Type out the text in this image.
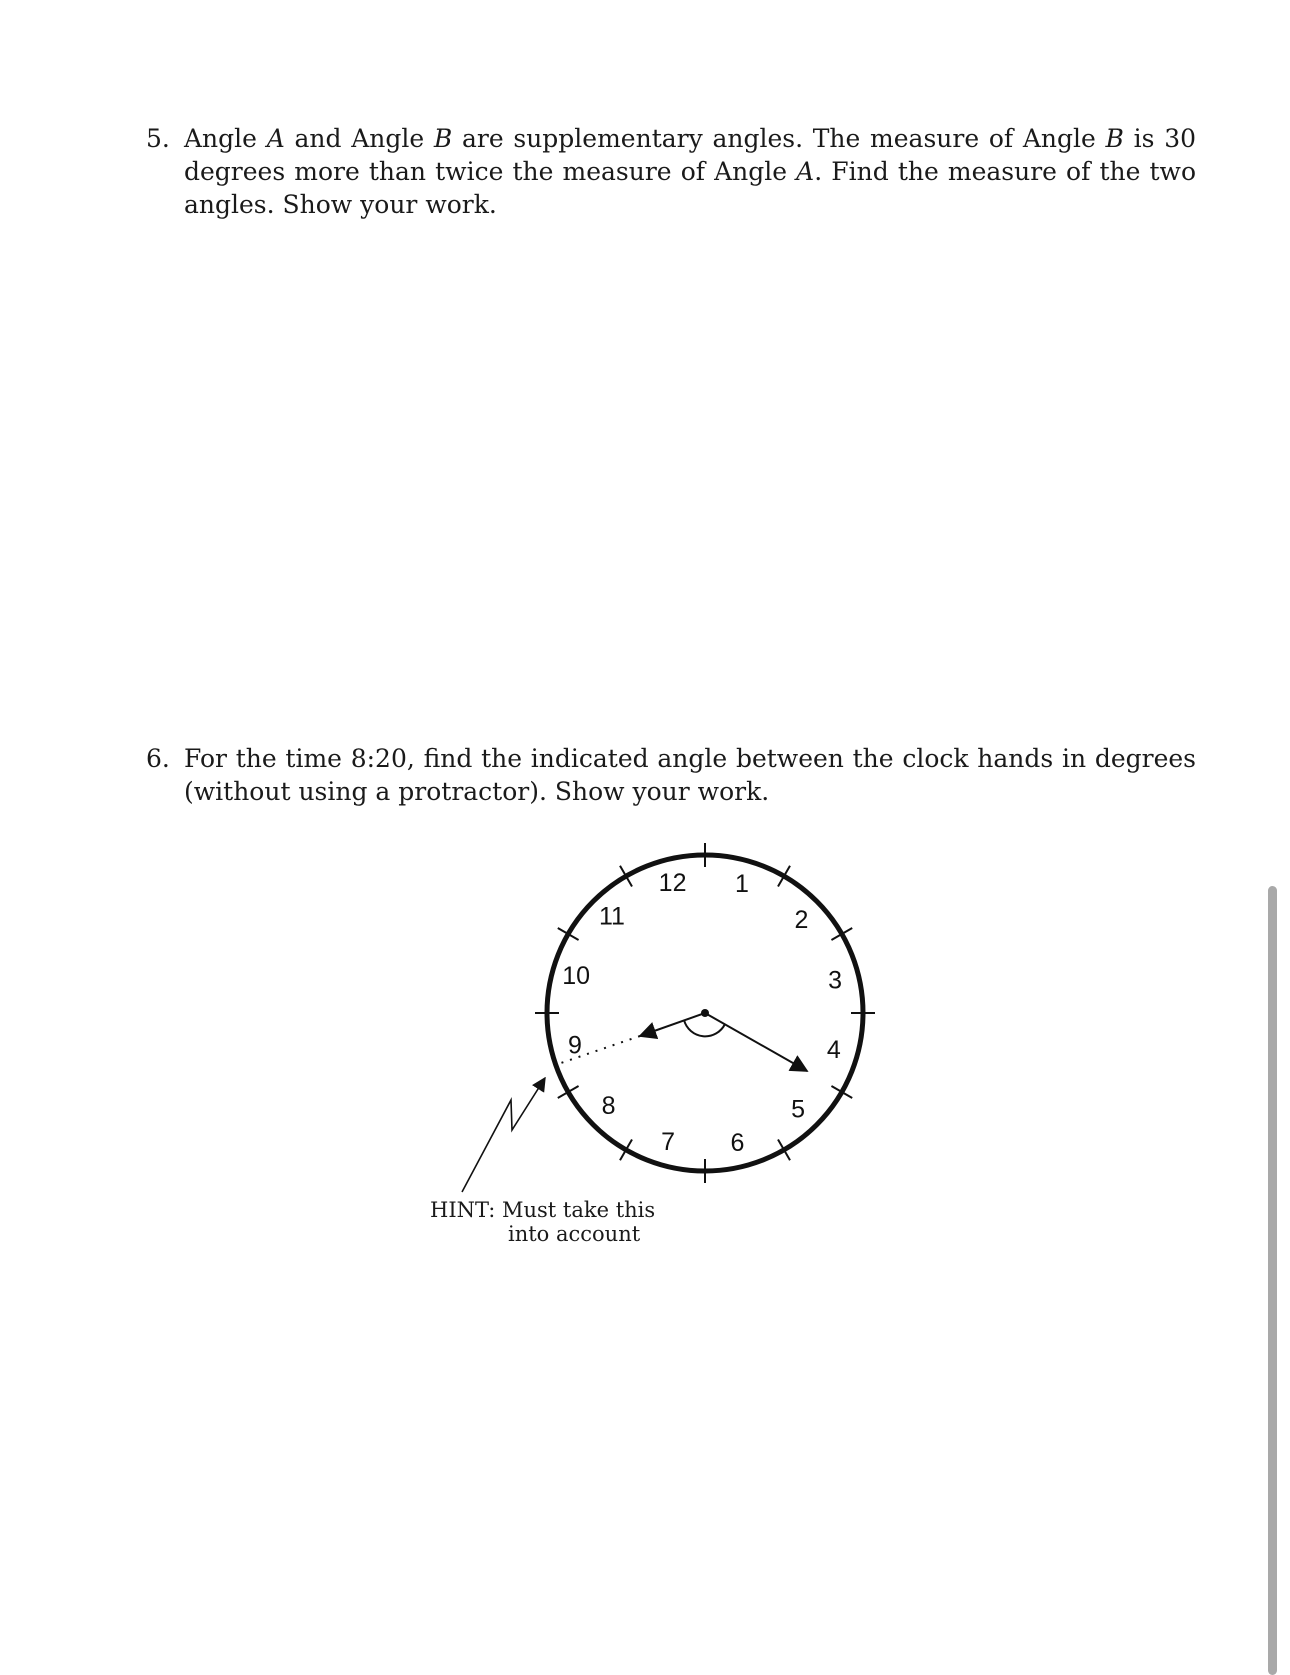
5. Angle A and Angle B are supplementary angles. The measure of Angle B is 30 degrees more than twice the measure of Angle A. Find the measure of the two angles. Show your work.
6. For the time 8:20, find the indicated angle between the clock hands in degrees (without using a protractor). Show your work.
12 1
2
3
4
5
6
7
8
9
10
11
HINT: Must take this
into account
